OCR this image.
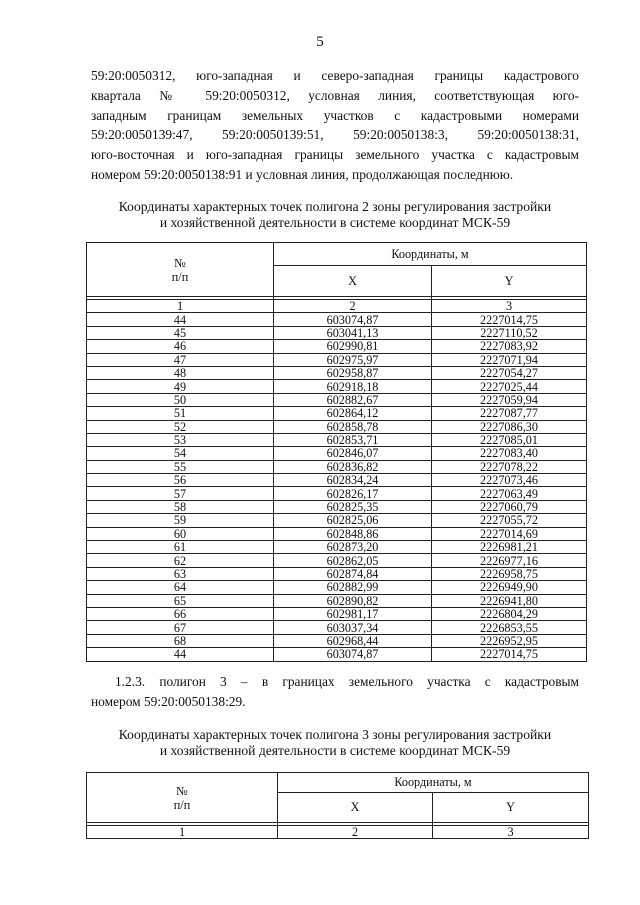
5
59:20:0050312, юго-западная и северо-западная границы кадастрового
квартала № 59:20:0050312, условная линия, соответствующая юго-
западным границам земельных участков с кадастровыми номерами
59:20:0050139:47, 59:20:0050139:51, 59:20:0050138:3, 59:20:0050138:31,
юго-восточная и юго-западная границы земельного участка с кадастровым
номером 59:20:0050138:91 и условная линия, продолжающая последнюю.
Координаты характерных точек полигона 2 зоны регулирования застройки
и хозяйственной деятельности в системе координат МСК-59
№
п/п	Координаты, м	
	X	Y

1	2	3
44	603074,87	2227014,75
45	603041,13	2227110,52
46	602990,81	2227083,92
47	602975,97	2227071,94
48	602958,87	2227054,27
49	602918,18	2227025,44
50	602882,67	2227059,94
51	602864,12	2227087,77
52	602858,78	2227086,30
53	602853,71	2227085,01
54	602846,07	2227083,40
55	602836,82	2227078,22
56	602834,24	2227073,46
57	602826,17	2227063,49
58	602825,35	2227060,79
59	602825,06	2227055,72
60	602848,86	2227014,69
61	602873,20	2226981,21
62	602862,05	2226977,16
63	602874,84	2226958,75
64	602882,99	2226949,90
65	602890,82	2226941,80
66	602981,17	2226804,29
67	603037,34	2226853,55
68	602968,44	2226952,95
44	603074,87	2227014,75
1.2.3. полигон 3 – в границах земельного участка с кадастровым
номером 59:20:0050138:29.
Координаты характерных точек полигона 3 зоны регулирования застройки
и хозяйственной деятельности в системе координат МСК-59
№
п/п	Координаты, м	
	X	Y

1	2	3
